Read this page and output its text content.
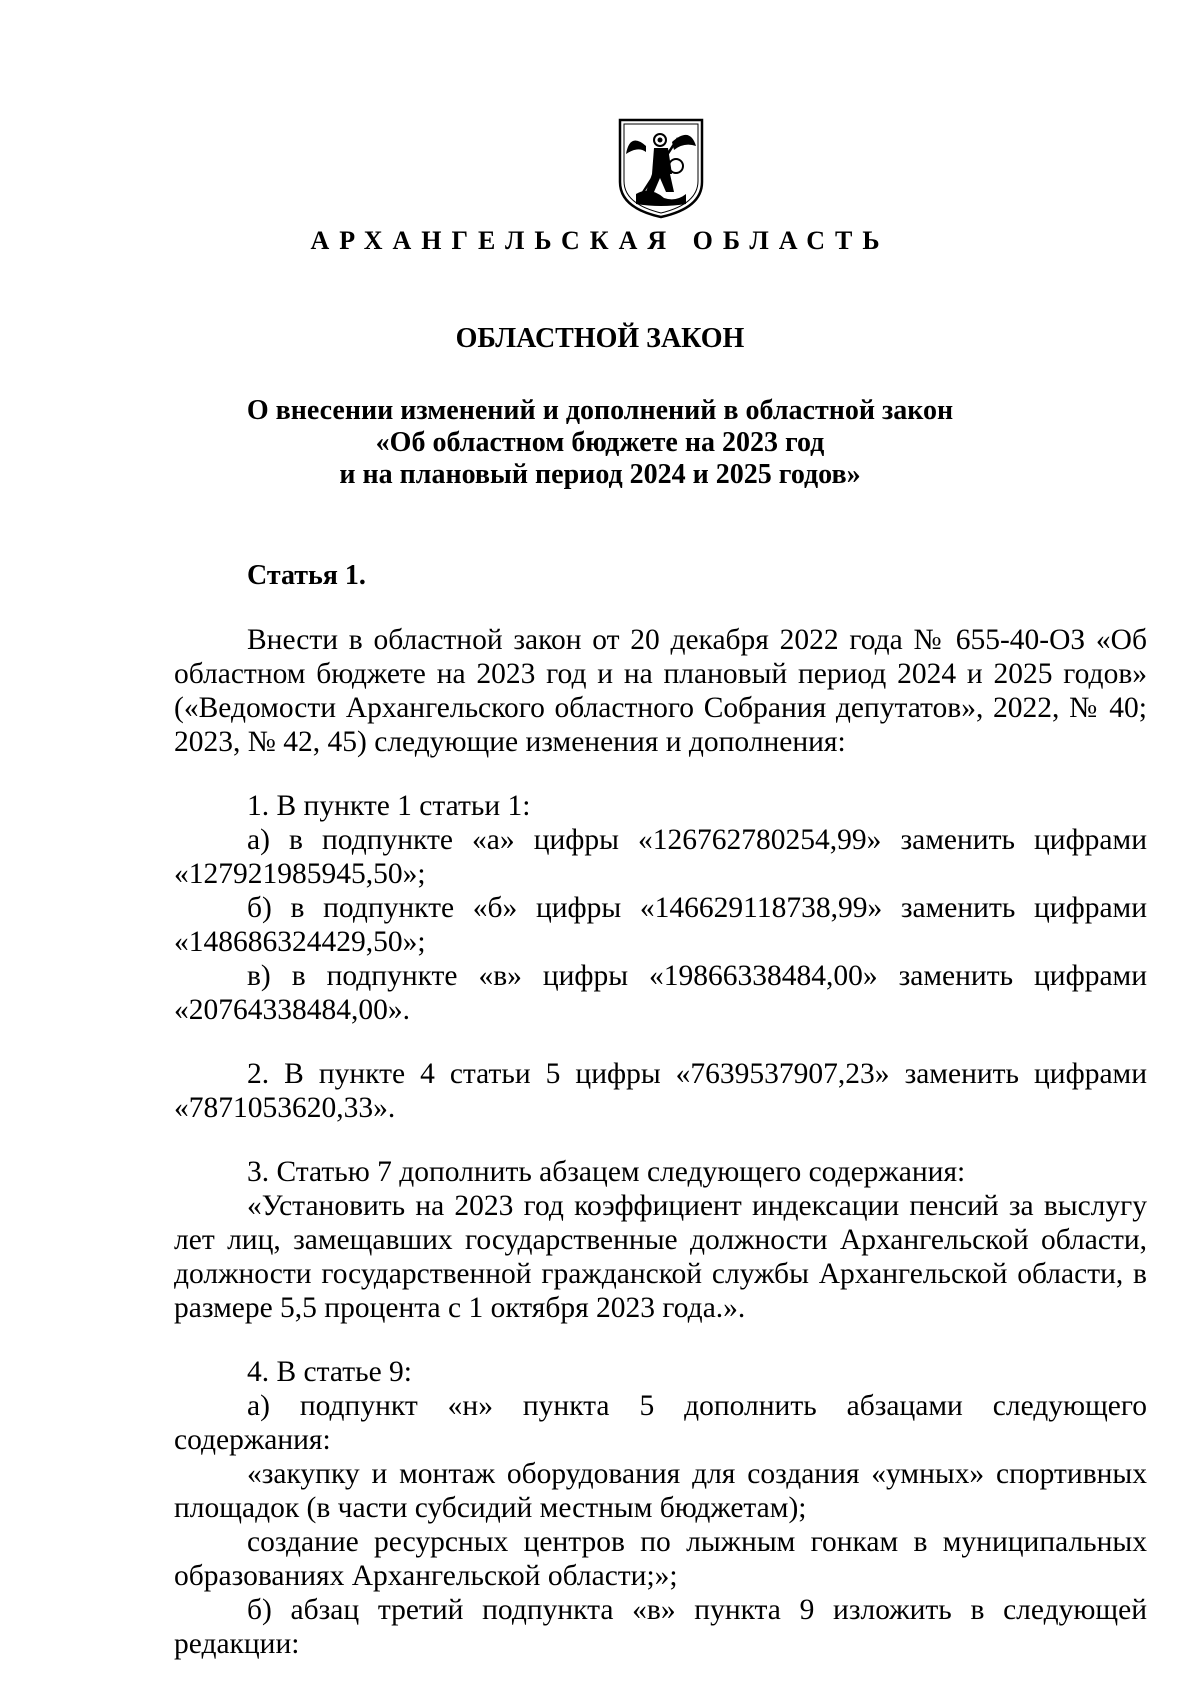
АРХАНГЕЛЬСКАЯ ОБЛАСТЬ
ОБЛАСТНОЙ ЗАКОН
О внесении изменений и дополнений в областной закон
«Об областном бюджете на 2023 год
и на плановый период 2024 и 2025 годов»
Статья 1.

Внести в областной закон от 20 декабря 2022 года № 655-40-ОЗ «Об областном бюджете на 2023 год и на плановый период 2024 и 2025 годов» («Ведомости Архангельского областного Собрания депутатов», 2022, № 40; 2023, № 42, 45) следующие изменения и дополнения:

1. В пункте 1 статьи 1:

а) в подпункте «а» цифры «126762780254,99» заменить цифрами «127921985945,50»;

б) в подпункте «б» цифры «146629118738,99» заменить цифрами «148686324429,50»;

в) в подпункте «в» цифры «19866338484,00» заменить цифрами «20764338484,00».

2. В пункте 4 статьи 5 цифры «7639537907,23» заменить цифрами «7871053620,33».

3. Статью 7 дополнить абзацем следующего содержания:

«Установить на 2023 год коэффициент индексации пенсий за выслугу лет лиц, замещавших государственные должности Архангельской области, должности государственной гражданской службы Архангельской области, в размере 5,5 процента с 1 октября 2023 года.».

4. В статье 9:

а) подпункт «н» пункта 5 дополнить абзацами следующего содержания:

«закупку и монтаж оборудования для создания «умных» спортивных площадок (в части субсидий местным бюджетам);

создание ресурсных центров по лыжным гонкам в муниципальных образованиях Архангельской области;»;

б) абзац третий подпункта «в» пункта 9 изложить в следующей редакции:
